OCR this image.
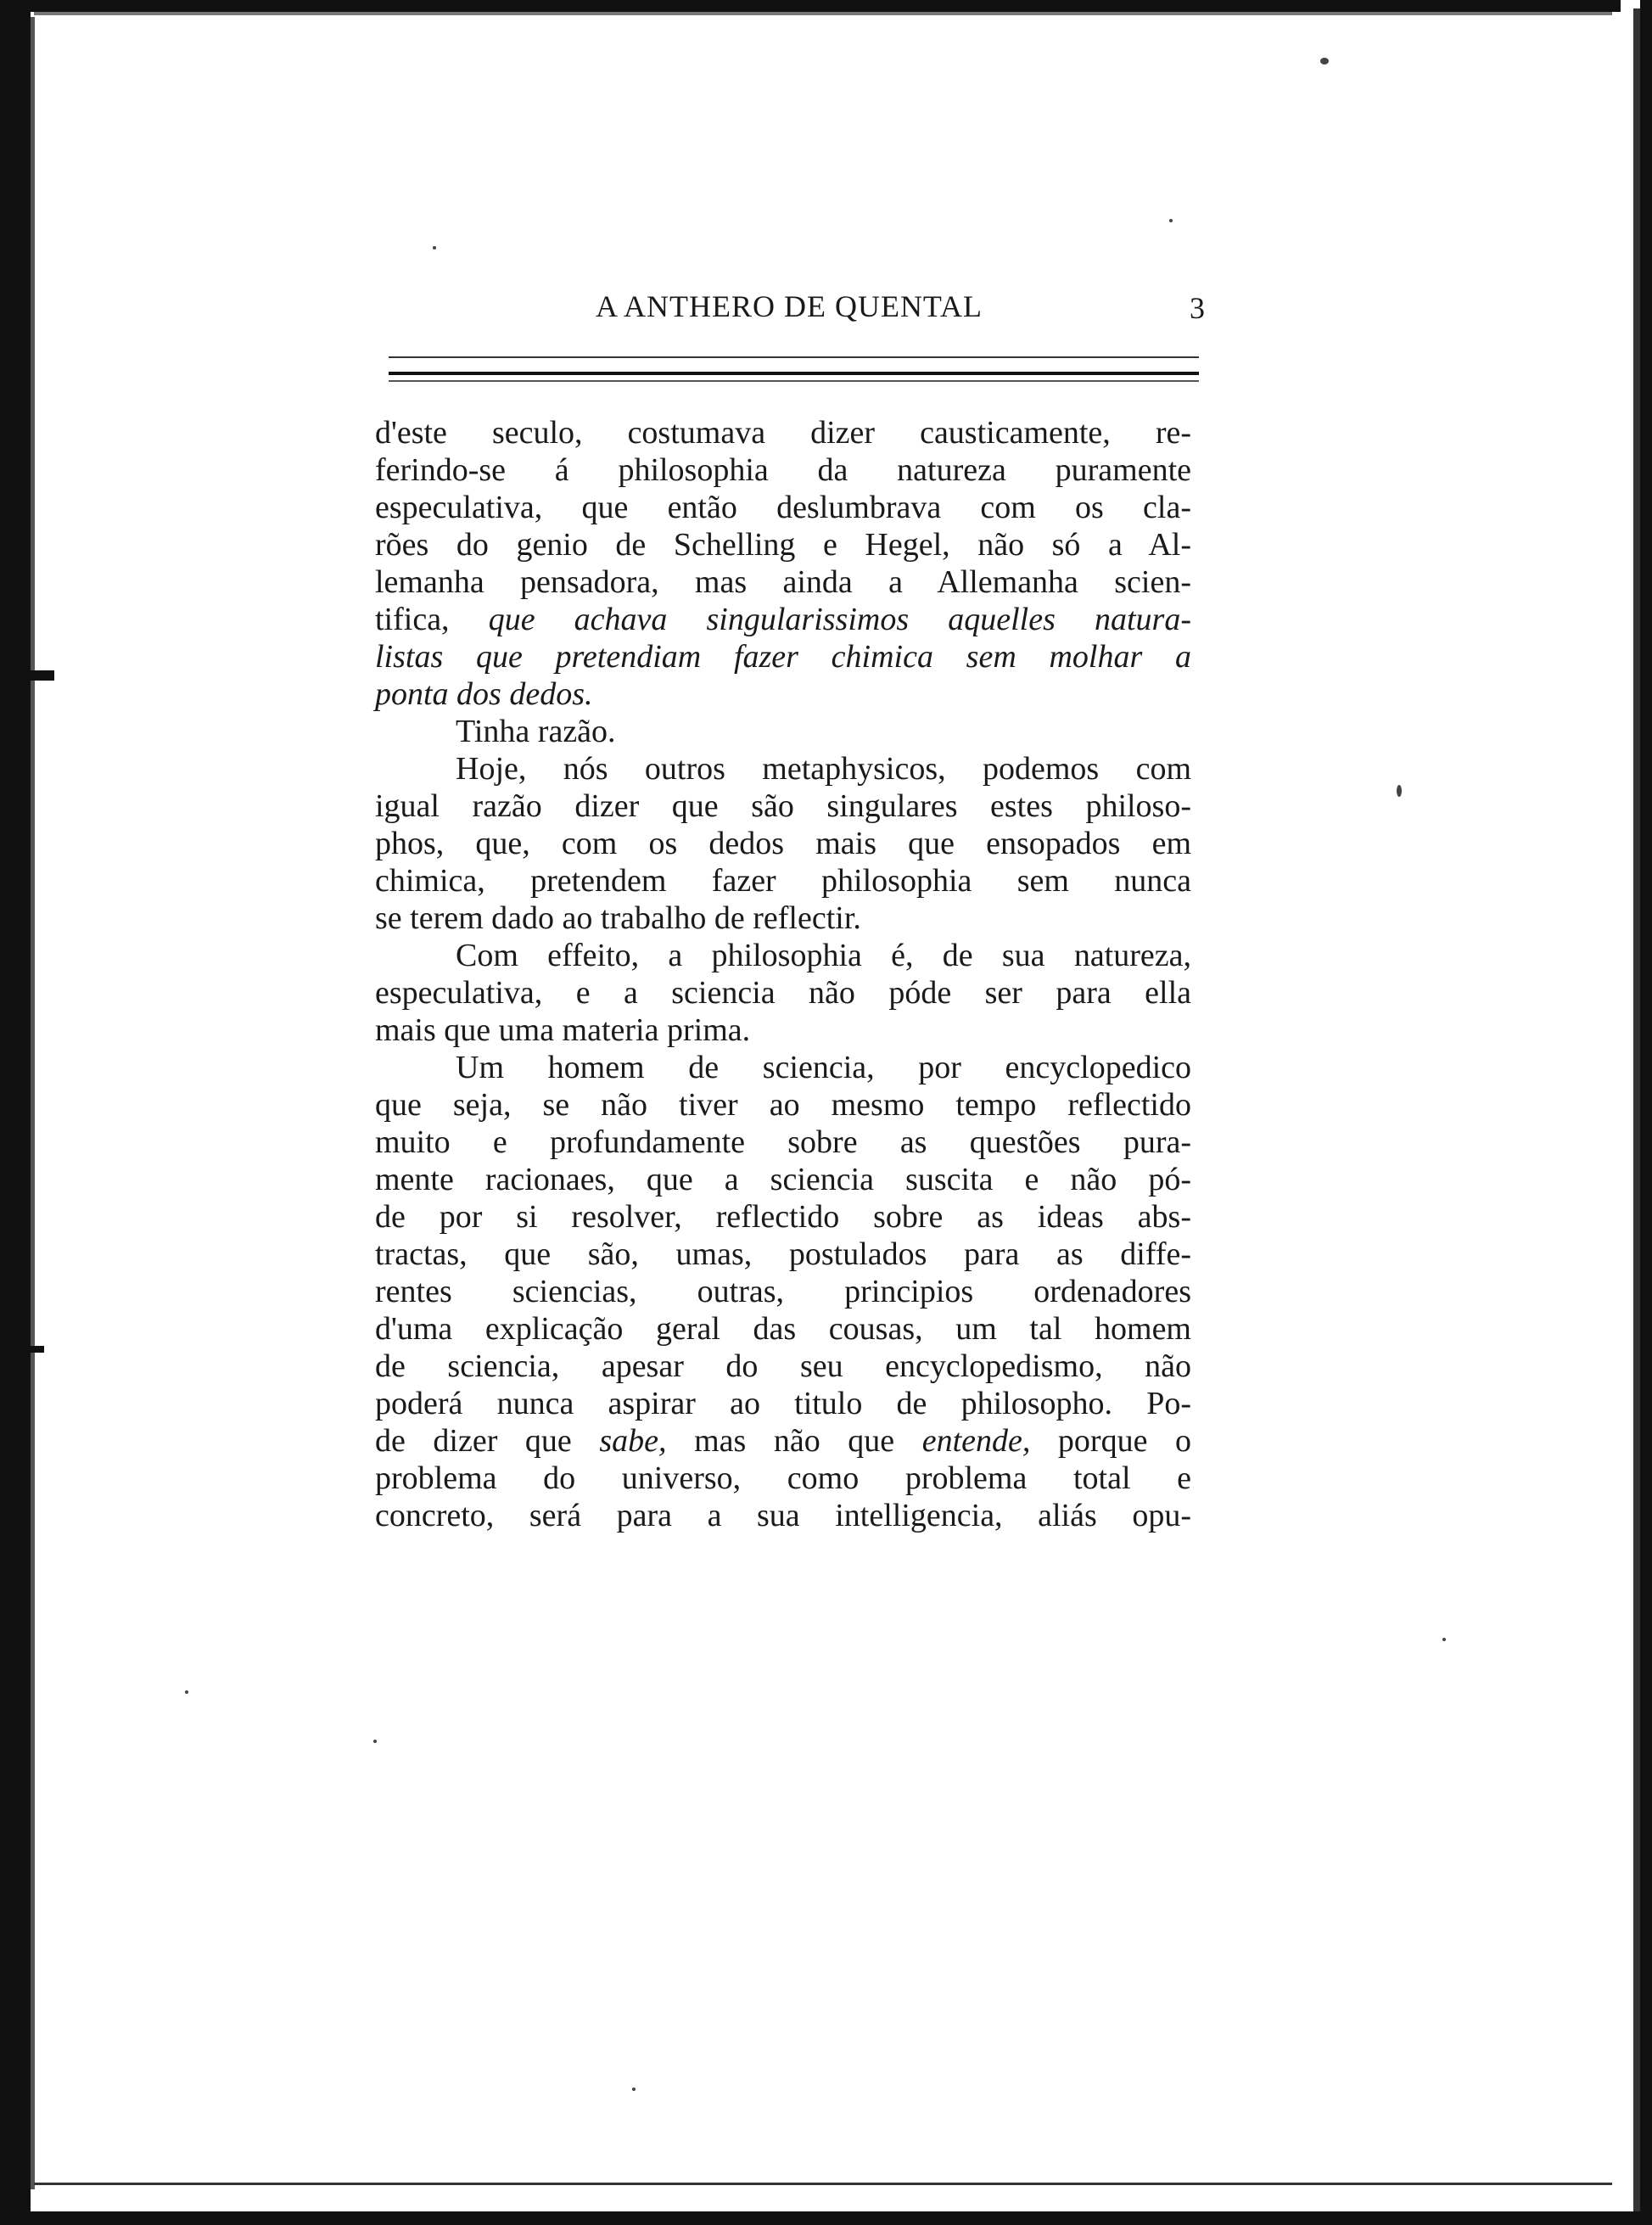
A ANTHERO DE QUENTAL	3
d'este seculo, costumava dizer causticamente, re-
ferindo-se á philosophia da natureza puramente
especulativa, que então deslumbrava com os cla-
rões do genio de Schelling e Hegel, não só a Al-
lemanha pensadora, mas ainda a Allemanha scien-
tifica, que achava singularissimos aquelles natura-
listas que pretendiam fazer chimica sem molhar a
ponta dos dedos.
Tinha razão.
Hoje, nós outros metaphysicos, podemos com
igual razão dizer que são singulares estes philoso-
phos, que, com os dedos mais que ensopados em
chimica, pretendem fazer philosophia sem nunca
se terem dado ao trabalho de reflectir.
Com effeito, a philosophia é, de sua natureza,
especulativa, e a sciencia não póde ser para ella
mais que uma materia prima.
Um homem de sciencia, por encyclopedico
que seja, se não tiver ao mesmo tempo reflectido
muito e profundamente sobre as questões pura-
mente racionaes, que a sciencia suscita e não pó-
de por si resolver, reflectido sobre as ideas abs-
tractas, que são, umas, postulados para as diffe-
rentes sciencias, outras, principios ordenadores
d'uma explicação geral das cousas, um tal homem
de sciencia, apesar do seu encyclopedismo, não
poderá nunca aspirar ao titulo de philosopho. Po-
de dizer que sabe, mas não que entende, porque o
problema do universo, como problema total e
concreto, será para a sua intelligencia, aliás opu-
